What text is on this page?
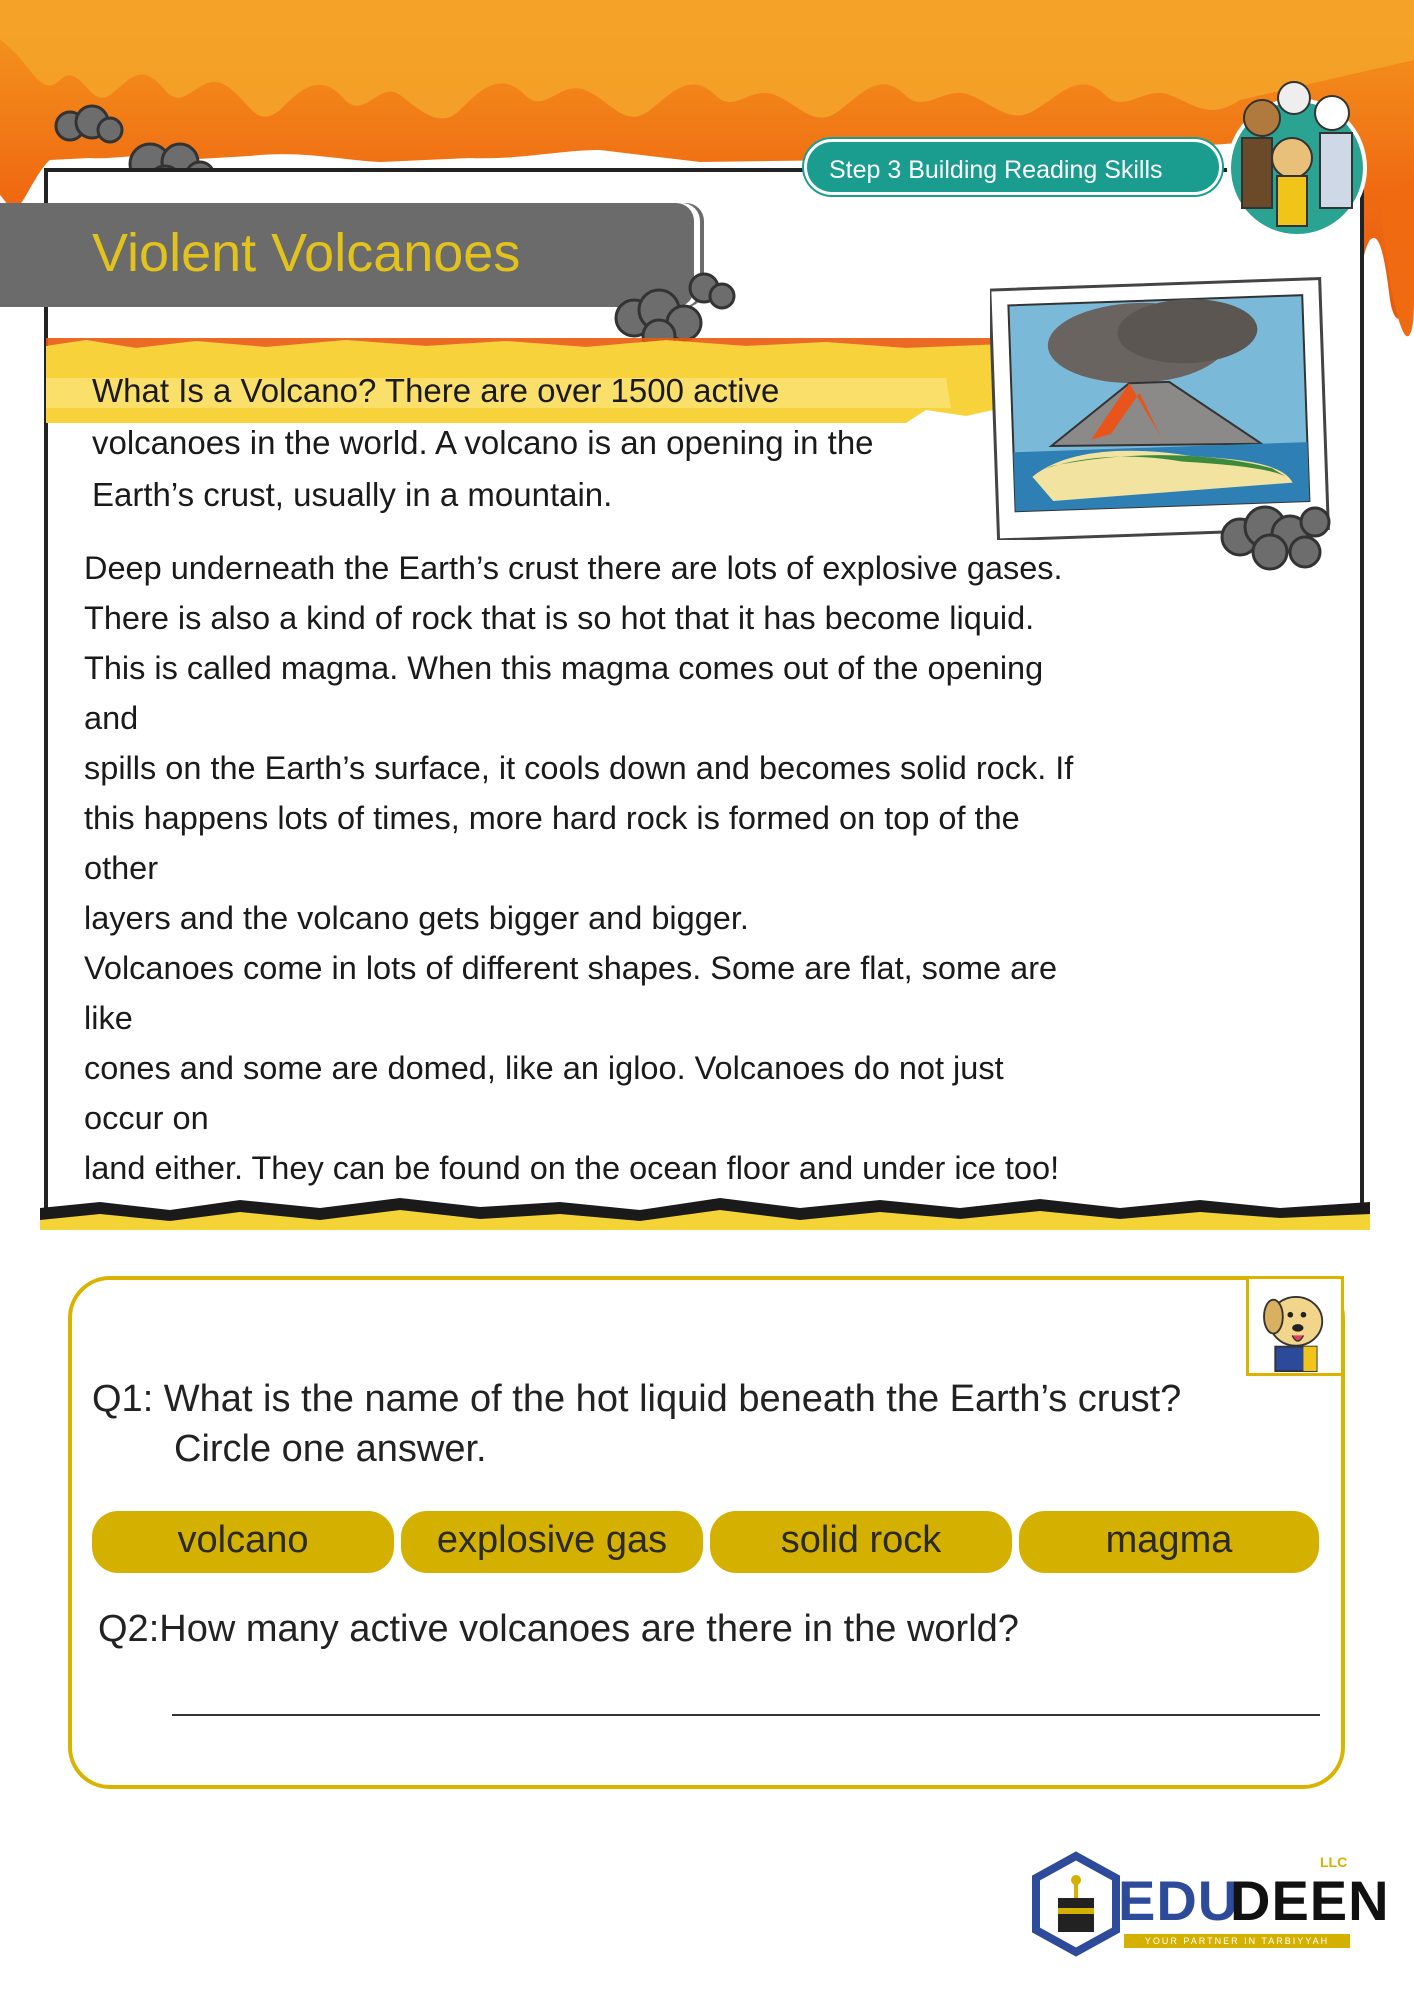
Violent Volcanoes
Step 3 Building Reading Skills
What Is a Volcano? There are over 1500 active
volcanoes in the world. A volcano is an opening in the
Earth’s crust, usually in a mountain.
Deep underneath the Earth’s crust there are lots of explosive gases.
There is also a kind of rock that is so hot that it has become liquid.
This is called magma. When this magma comes out of the opening
and
spills on the Earth’s surface, it cools down and becomes solid rock. If
this happens lots of times, more hard rock is formed on top of the
other
layers and the volcano gets bigger and bigger.
Volcanoes come in lots of different shapes. Some are flat, some are
like
cones and some are domed, like an igloo. Volcanoes do not just
occur on
land either. They can be found on the ocean floor and under ice too!
Q1: What is the name of the hot liquid beneath the Earth’s crust?
Circle one answer.
volcano	explosive gas	solid rock	magma
Q2:How many active volcanoes are there in the world?
EDU
DEEN
LLC
YOUR PARTNER IN TARBIYYAH
